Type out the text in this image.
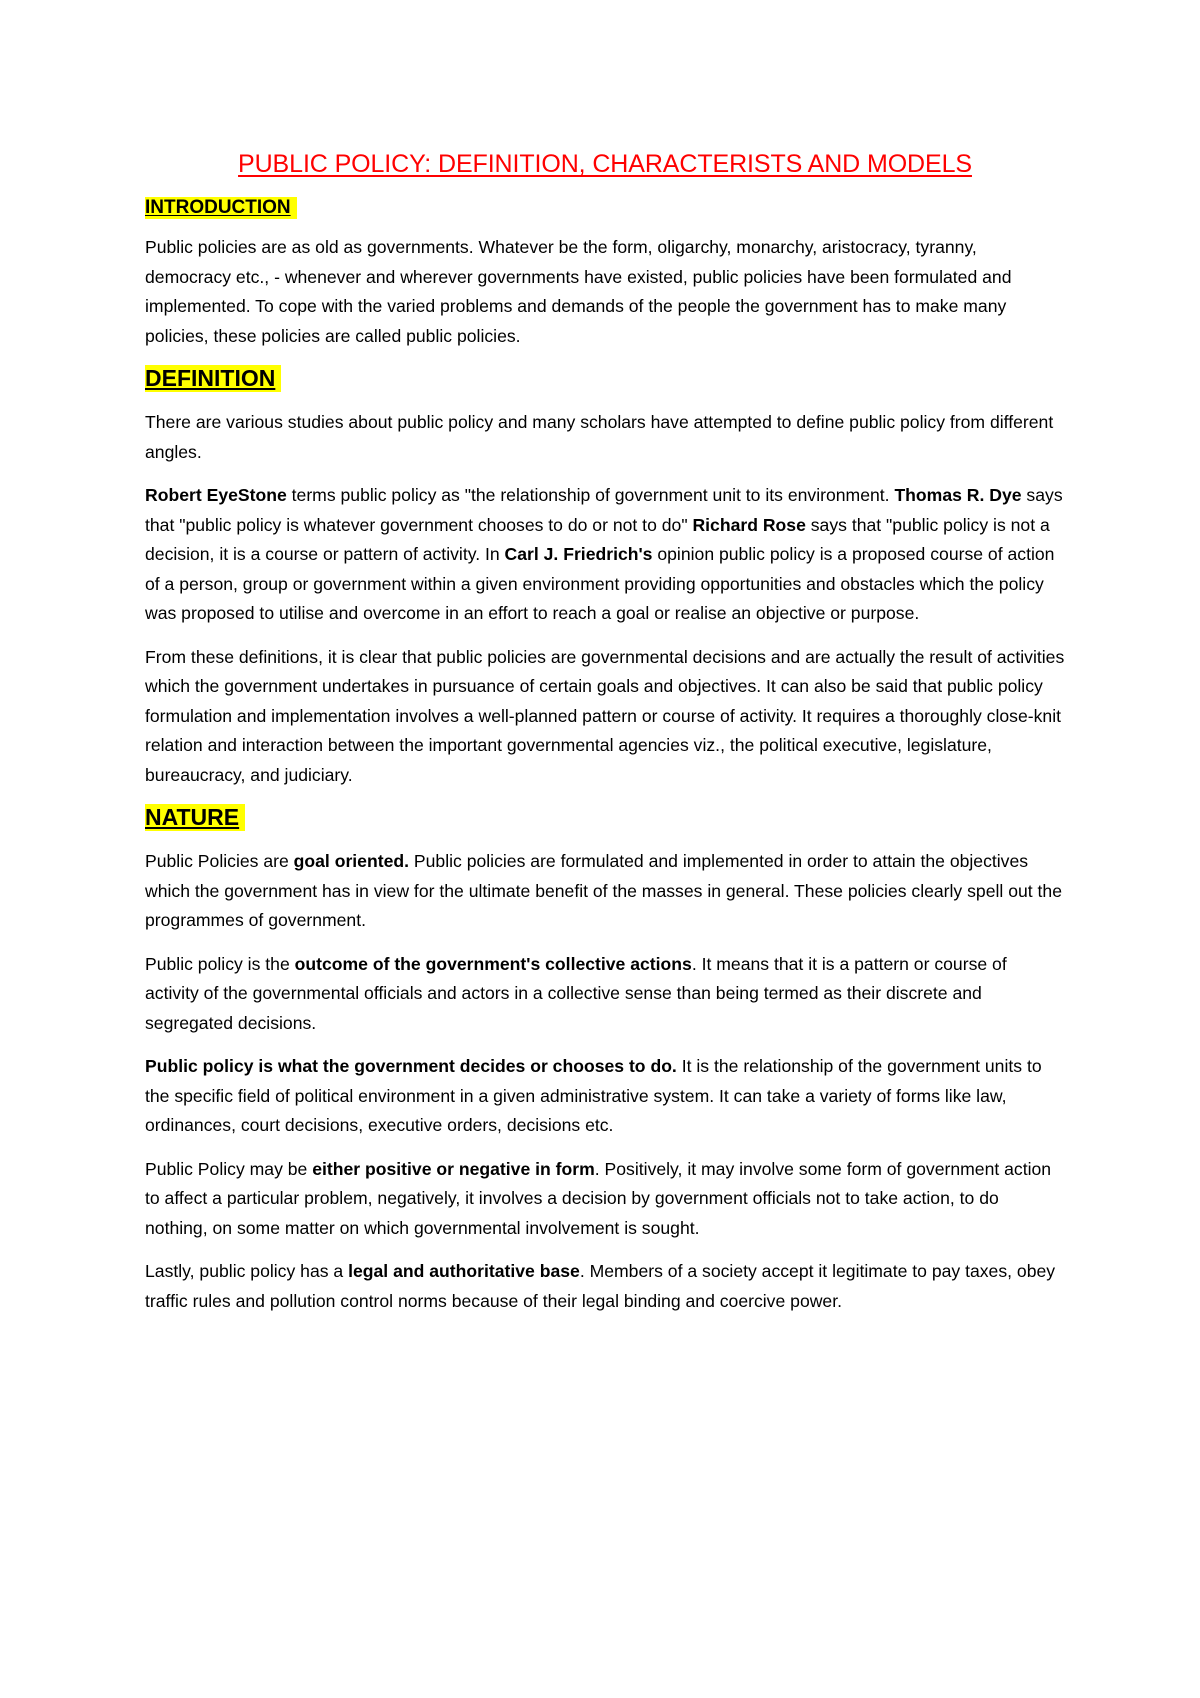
PUBLIC POLICY: DEFINITION, CHARACTERISTS AND MODELS
INTRODUCTION

Public policies are as old as governments. Whatever be the form, oligarchy, monarchy, aristocracy, tyranny, democracy etc., - whenever and wherever governments have existed, public policies have been formulated and implemented. To cope with the varied problems and demands of the people the government has to make many policies, these policies are called public policies.

DEFINITION

There are various studies about public policy and many scholars have attempted to define public policy from different angles.

Robert EyeStone terms public policy as "the relationship of government unit to its environment. Thomas R. Dye says that "public policy is whatever government chooses to do or not to do" Richard Rose says that "public policy is not a decision, it is a course or pattern of activity. In Carl J. Friedrich's opinion public policy is a proposed course of action of a person, group or government within a given environment providing opportunities and obstacles which the policy was proposed to utilise and overcome in an effort to reach a goal or realise an objective or purpose.

From these definitions, it is clear that public policies are governmental decisions and are actually the result of activities which the government undertakes in pursuance of certain goals and objectives. It can also be said that public policy formulation and implementation involves a well-planned pattern or course of activity. It requires a thoroughly close-knit relation and interaction between the important governmental agencies viz., the political executive, legislature, bureaucracy, and judiciary.

NATURE

Public Policies are goal oriented. Public policies are formulated and implemented in order to attain the objectives which the government has in view for the ultimate benefit of the masses in general. These policies clearly spell out the programmes of government.

Public policy is the outcome of the government's collective actions. It means that it is a pattern or course of activity of the governmental officials and actors in a collective sense than being termed as their discrete and segregated decisions.

Public policy is what the government decides or chooses to do. It is the relationship of the government units to the specific field of political environment in a given administrative system. It can take a variety of forms like law, ordinances, court decisions, executive orders, decisions etc.

Public Policy may be either positive or negative in form. Positively, it may involve some form of government action to affect a particular problem, negatively, it involves a decision by government officials not to take action, to do nothing, on some matter on which governmental involvement is sought.

Lastly, public policy has a legal and authoritative base. Members of a society accept it legitimate to pay taxes, obey traffic rules and pollution control norms because of their legal binding and coercive power.
